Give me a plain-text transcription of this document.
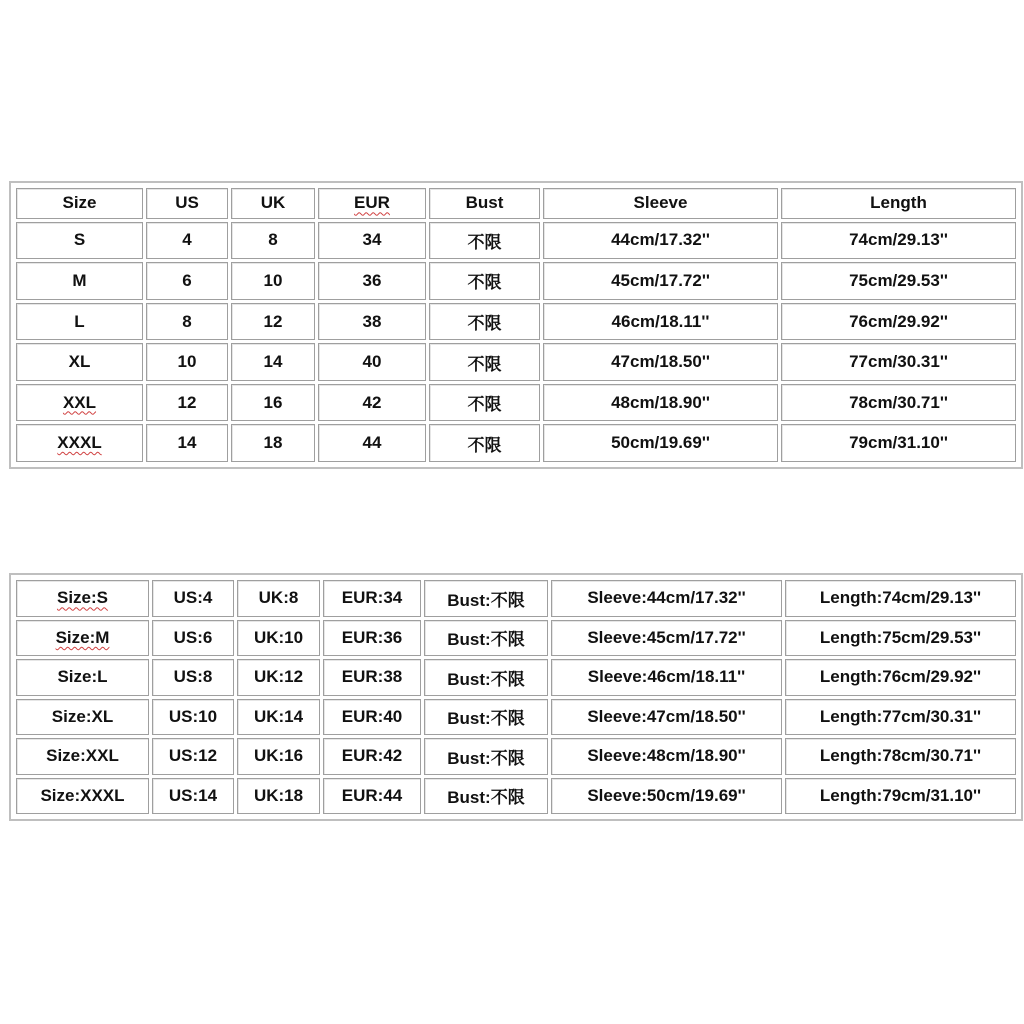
Size	US	UK	EUR	Bust	Sleeve	Length
S	4	8	34	不限	44cm/17.32''	74cm/29.13''
M	6	10	36	不限	45cm/17.72''	75cm/29.53''
L	8	12	38	不限	46cm/18.11''	76cm/29.92''
XL	10	14	40	不限	47cm/18.50''	77cm/30.31''
XXL	12	16	42	不限	48cm/18.90''	78cm/30.71''
XXXL	14	18	44	不限	50cm/19.69''	79cm/31.10''
Size:S	US:4	UK:8	EUR:34	Bust:不限	Sleeve:44cm/17.32''	Length:74cm/29.13''
Size:M	US:6	UK:10	EUR:36	Bust:不限	Sleeve:45cm/17.72''	Length:75cm/29.53''
Size:L	US:8	UK:12	EUR:38	Bust:不限	Sleeve:46cm/18.11''	Length:76cm/29.92''
Size:XL	US:10	UK:14	EUR:40	Bust:不限	Sleeve:47cm/18.50''	Length:77cm/30.31''
Size:XXL	US:12	UK:16	EUR:42	Bust:不限	Sleeve:48cm/18.90''	Length:78cm/30.71''
Size:XXXL	US:14	UK:18	EUR:44	Bust:不限	Sleeve:50cm/19.69''	Length:79cm/31.10''
